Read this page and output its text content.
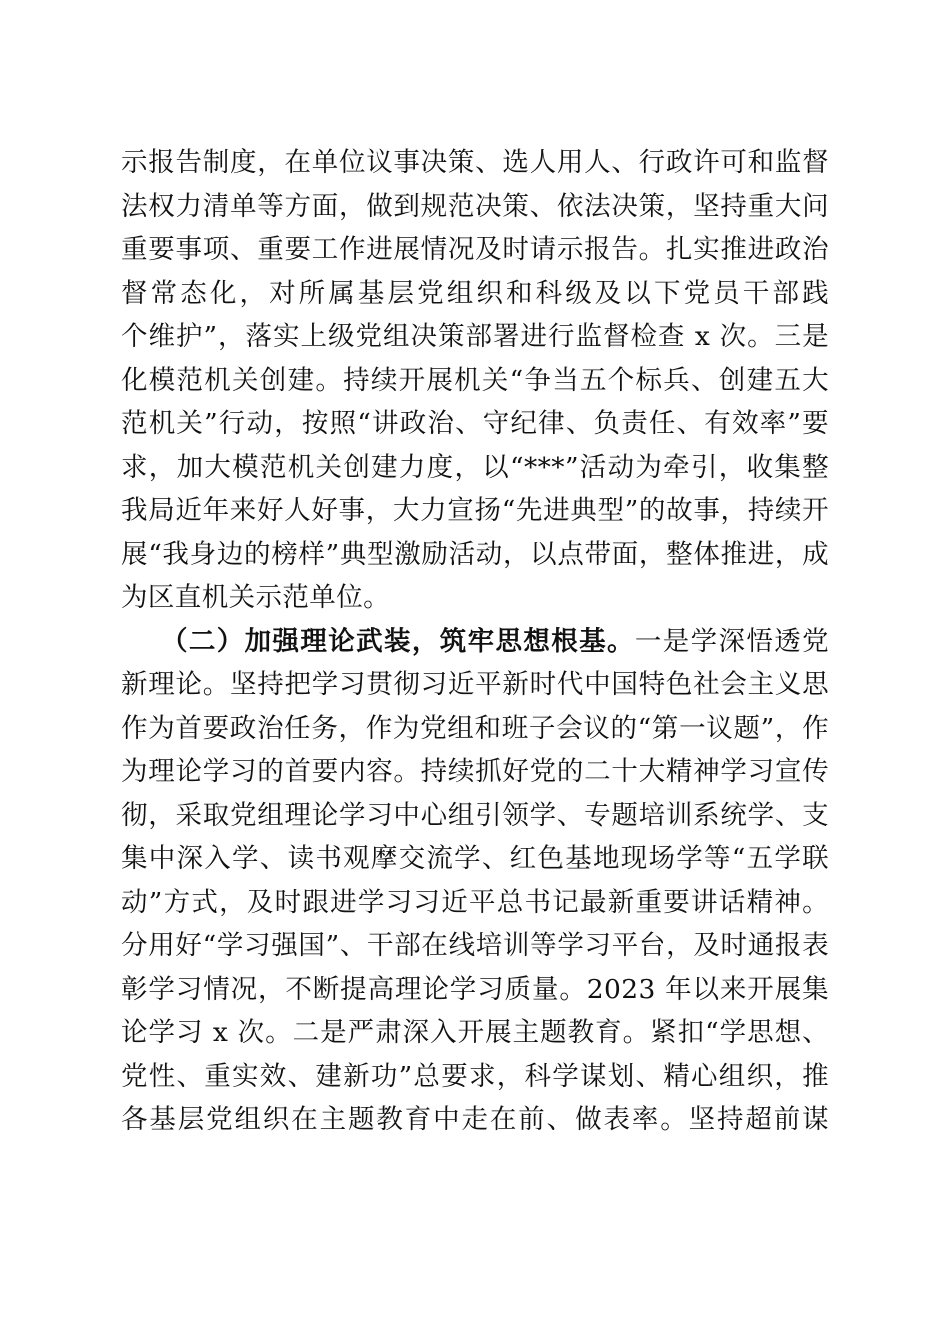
示报告制度，在单位议事决策、选人用人、行政许可和监督
法权力清单等方面，做到规范决策、依法决策，坚持重大问
重要事项、重要工作进展情况及时请示报告。扎实推进政治
督常态化，对所属基层党组织和科级及以下党员干部践
个维护”，落实上级党组决策部署进行监督检查 x 次。三是
化模范机关创建。持续开展机关“争当五个标兵、创建五大
范机关”行动，按照“讲政治、守纪律、负责任、有效率”要
求，加大模范机关创建力度，以“***”活动为牵引，收集整
我局近年来好人好事，大力宣扬“先进典型”的故事，持续开
展“我身边的榜样”典型激励活动，以点带面，整体推进，成
为区直机关示范单位。
（二）加强理论武装，筑牢思想根基。一是学深悟透党
新理论。坚持把学习贯彻习近平新时代中国特色社会主义思
作为首要政治任务，作为党组和班子会议的“第一议题”，作
为理论学习的首要内容。持续抓好党的二十大精神学习宣传
彻，采取党组理论学习中心组引领学、专题培训系统学、支
集中深入学、读书观摩交流学、红色基地现场学等“五学联
动”方式，及时跟进学习习近平总书记最新重要讲话精神。
分用好“学习强国”、干部在线培训等学习平台，及时通报表
彰学习情况，不断提高理论学习质量。2023 年以来开展集
论学习 x 次。二是严肃深入开展主题教育。紧扣“学思想、
党性、重实效、建新功”总要求，科学谋划、精心组织，推
各基层党组织在主题教育中走在前、做表率。坚持超前谋
